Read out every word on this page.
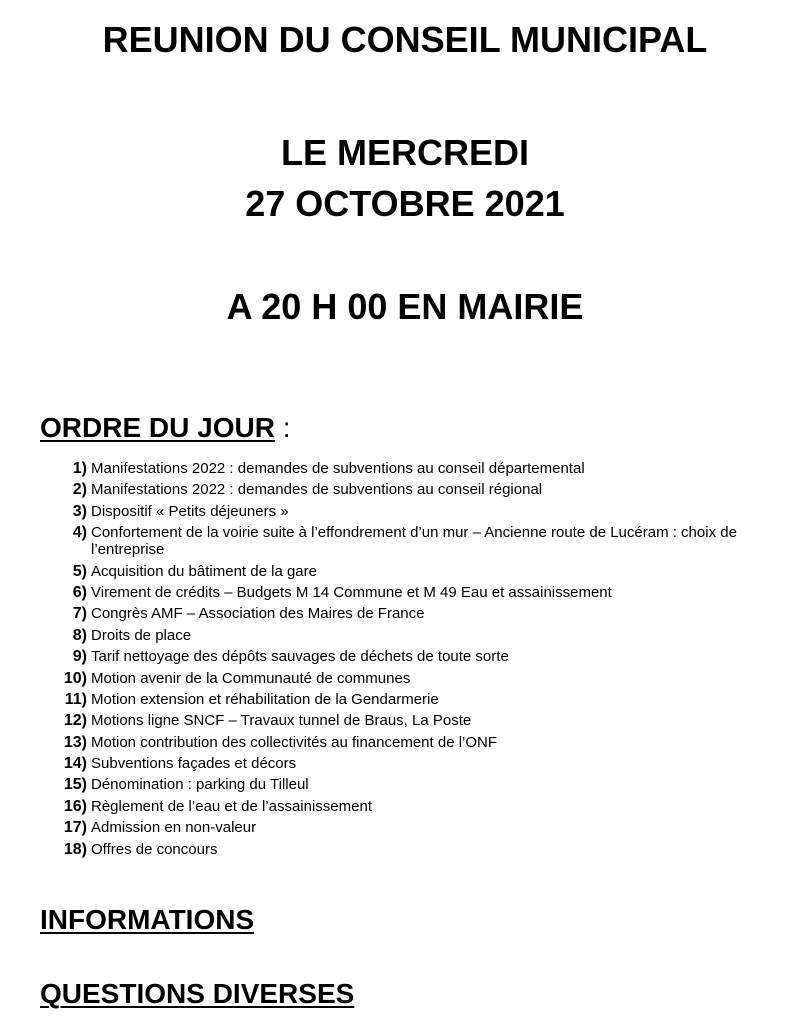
REUNION DU CONSEIL MUNICIPAL
LE MERCREDI
27 OCTOBRE 2021
A 20 H 00 EN MAIRIE
ORDRE DU JOUR :
1) Manifestations 2022 : demandes de subventions au conseil départemental
2) Manifestations 2022 : demandes de subventions au conseil régional
3) Dispositif « Petits déjeuners »
4) Confortement de la voirie suite à l’effondrement d’un mur – Ancienne route de Lucéram : choix de l’entreprise
5) Acquisition du bâtiment de la gare
6) Virement de crédits – Budgets M 14 Commune et M 49 Eau et assainissement
7) Congrès AMF – Association des Maires de France
8) Droits de place
9) Tarif nettoyage des dépôts sauvages de déchets de toute sorte
10) Motion avenir de la Communauté de communes
11) Motion extension et réhabilitation de la Gendarmerie
12) Motions ligne SNCF – Travaux tunnel de Braus, La Poste
13) Motion contribution des collectivités au financement de l’ONF
14) Subventions façades et décors
15) Dénomination : parking du Tilleul
16) Règlement de l’eau et de l’assainissement
17) Admission en non-valeur
18) Offres de concours
INFORMATIONS
QUESTIONS DIVERSES
